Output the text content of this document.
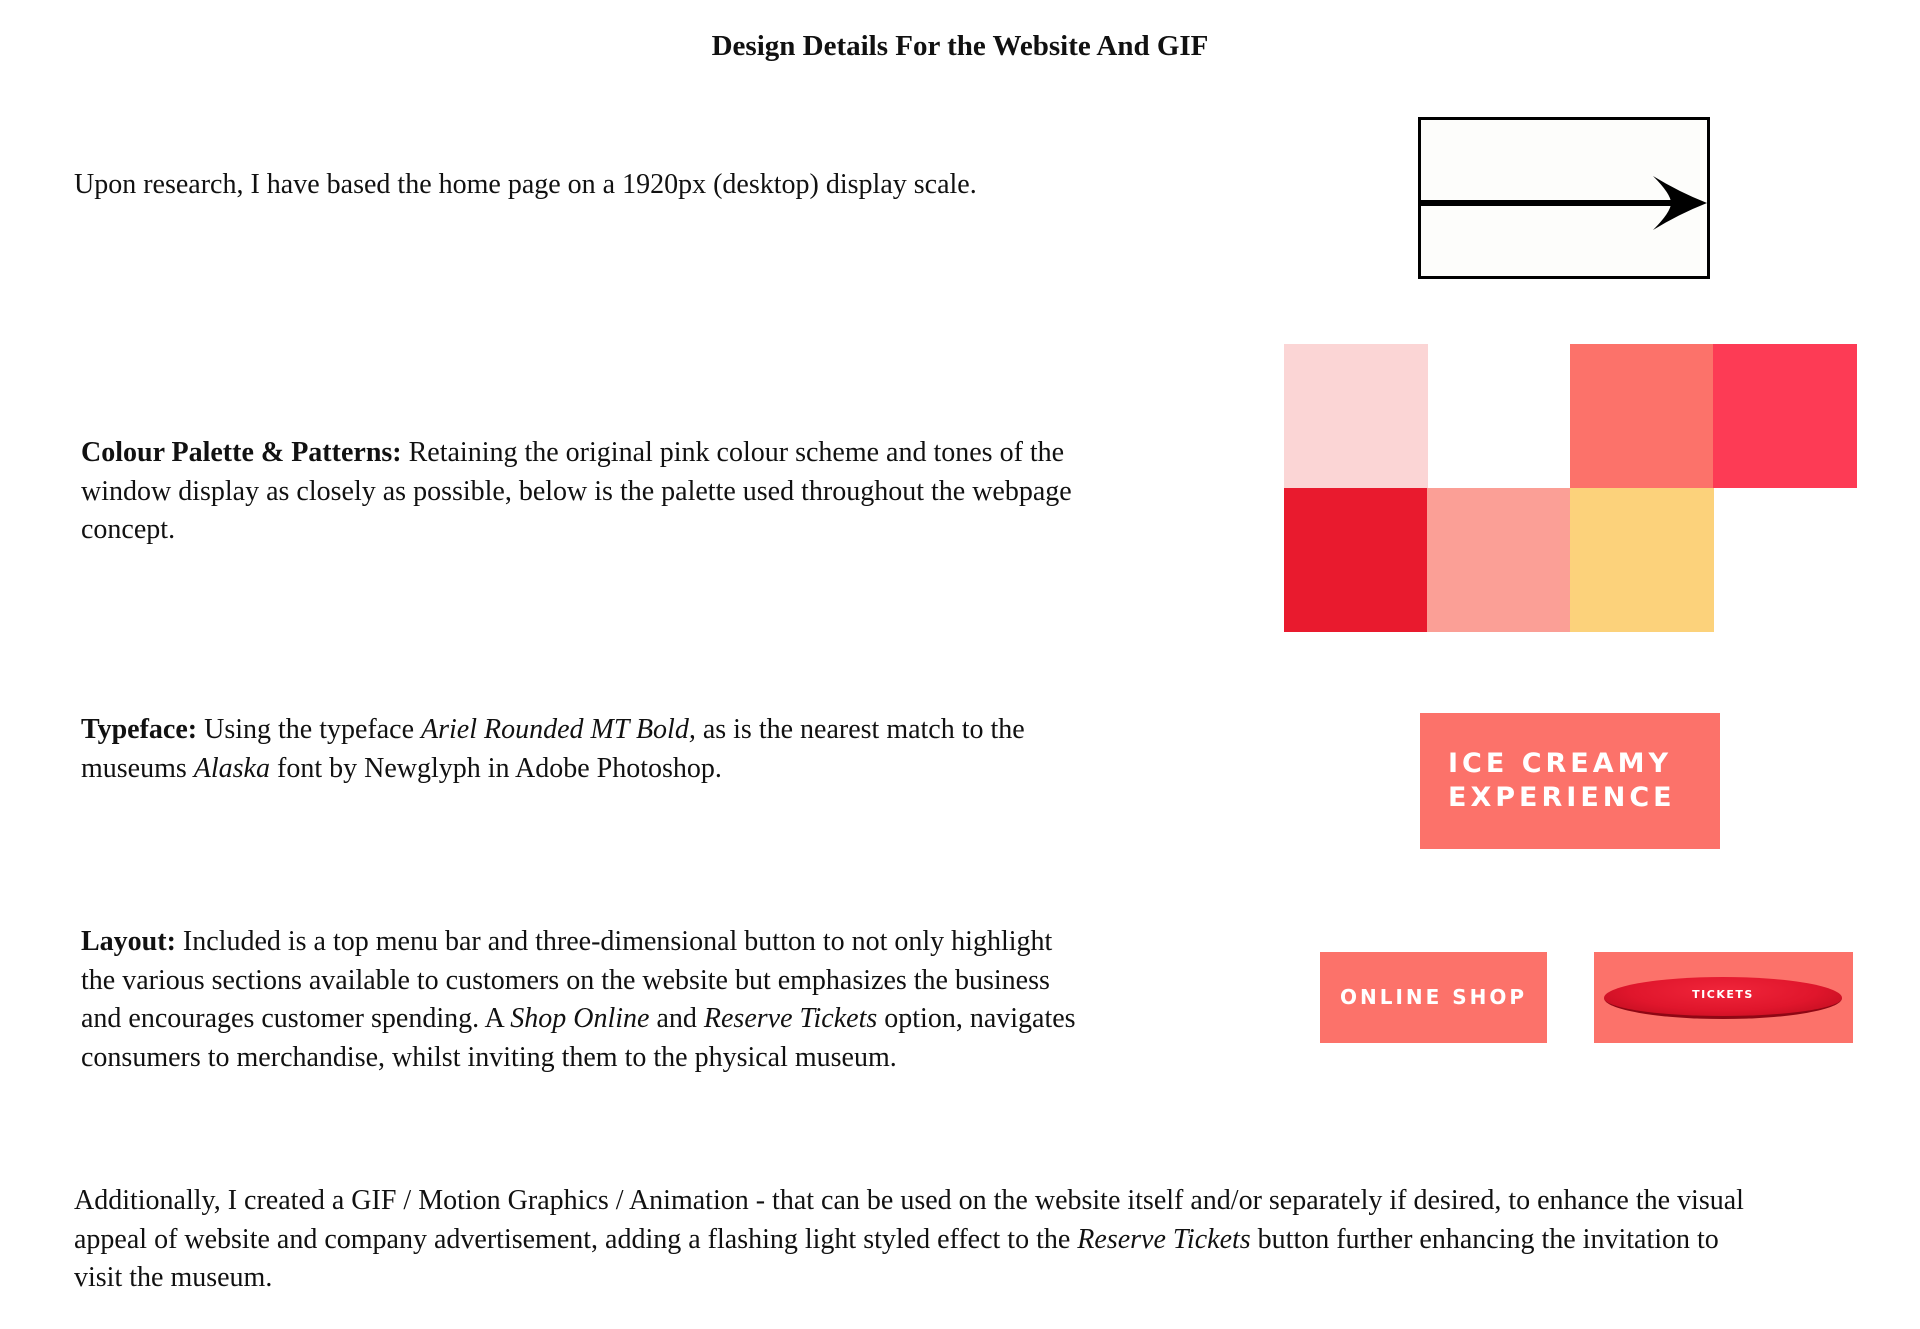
Design Details For the Website And GIF

Upon research, I have based the home page on a 1920px (desktop) display scale.

Colour Palette & Patterns: Retaining the original pink colour scheme and tones of the
window display as closely as possible, below is the palette used throughout the webpage
concept.

Typeface: Using the typeface Ariel Rounded MT Bold, as is the nearest match to the
museums Alaska font by Newglyph in Adobe Photoshop.	ICE CREAMY
EXPERIENCE

Layout: Included is a top menu bar and three-dimensional button to not only highlight
the various sections available to customers on the website but emphasizes the business
and encourages customer spending. A Shop Online and Reserve Tickets option, navigates
consumers to merchandise, whilst inviting them to the physical museum.

ONLINE SHOP	TICKETS

Additionally, I created a GIF / Motion Graphics / Animation - that can be used on the website itself and/or separately if desired, to enhance the visual
appeal of website and company advertisement, adding a flashing light styled effect to the Reserve Tickets button further enhancing the invitation to
visit the museum.
